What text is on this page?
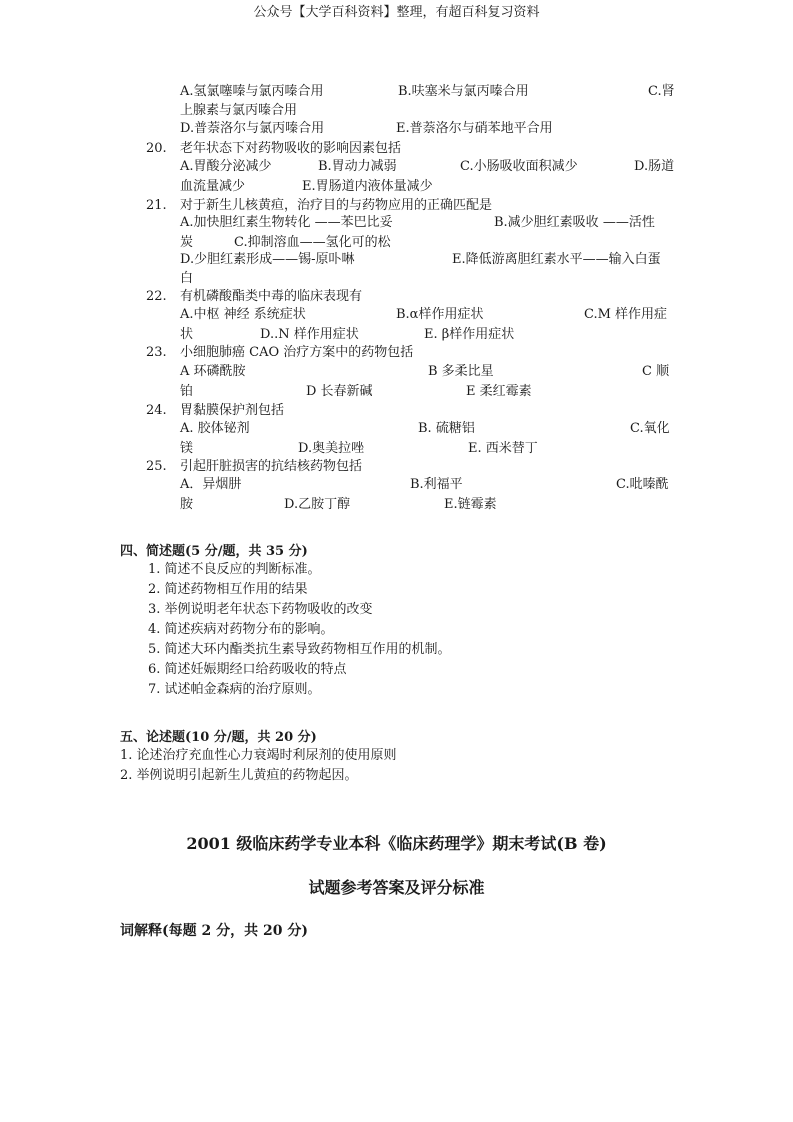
公众号【大学百科资料】整理，有超百科复习资料
A.氢氯噻嗪与氯丙嗪合用	B.呋塞米与氯丙嗪合用	C.肾
上腺素与氯丙嗪合用
D.普萘洛尔与氯丙嗪合用	E.普萘洛尔与硝苯地平合用
20. 老年状态下对药物吸收的影响因素包括
A.胃酸分泌减少	B.胃动力减弱	C.小肠吸收面积减少	D.肠道
血流量减少	E.胃肠道内液体量减少
21. 对于新生儿核黄疸，治疗目的与药物应用的正确匹配是
A.加快胆红素生物转化 ——苯巴比妥	B.减少胆红素吸收 ——活性
炭	C.抑制溶血——氢化可的松
D.少胆红素形成——锡-原卟啉	E.降低游离胆红素水平——输入白蛋
白
22. 有机磷酸酯类中毒的临床表现有
A.中枢 神经 系统症状	B.α样作用症状	C.M 样作用症
状	D..N 样作用症状	E. β样作用症状
23. 小细胞肺癌 CAO 治疗方案中的药物包括
A 环磷酰胺	B 多柔比星	C 顺
铂	D 长春新碱	E 柔红霉素
24. 胃黏膜保护剂包括
A. 胶体铋剂	B. 硫糖铝	C.氧化
镁	D.奥美拉唑	E. 西米替丁
25. 引起肝脏损害的抗结核药物包括
A．异烟肼	B.利福平	C.吡嗪酰
胺	D.乙胺丁醇	E.链霉素
四、简述题(5 分/题，共 35 分)
1. 简述不良反应的判断标准。
2. 简述药物相互作用的结果
3. 举例说明老年状态下药物吸收的改变
4. 简述疾病对药物分布的影响。
5. 简述大环内酯类抗生素导致药物相互作用的机制。
6. 简述妊娠期经口给药吸收的特点
7. 试述帕金森病的治疗原则。
五、论述题(10 分/题，共 20 分)
1. 论述治疗充血性心力衰竭时利尿剂的使用原则
2. 举例说明引起新生儿黄疸的药物起因。
2001 级临床药学专业本科《临床药理学》期末考试(B 卷)
试题参考答案及评分标准
词解释(每题 2 分，共 20 分)
